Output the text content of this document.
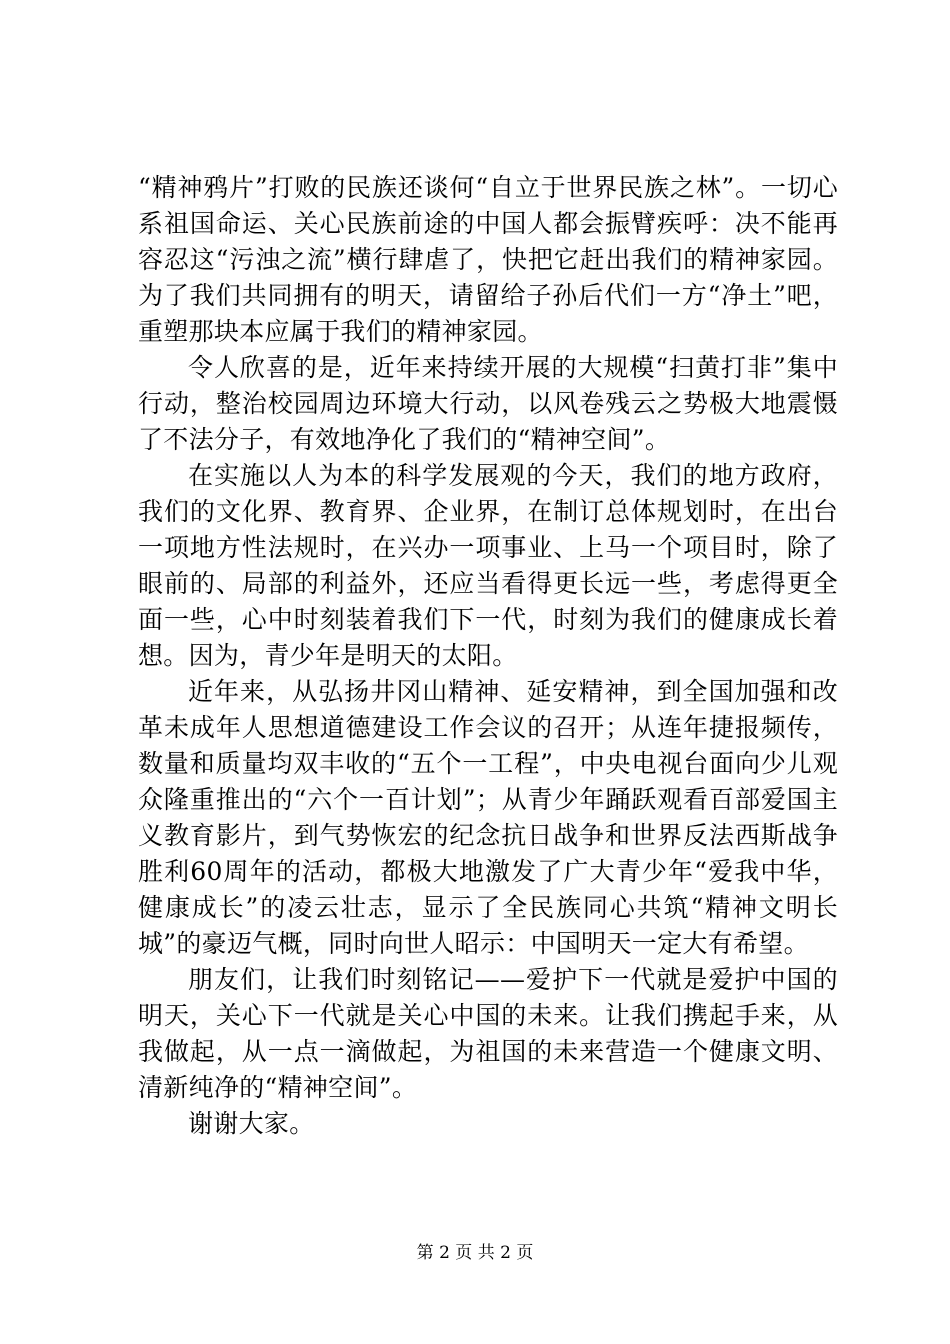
“精神鸦片”打败的民族还谈何“自立于世界民族之林”。一切心系祖国命运、关心民族前途的中国人都会振臂疾呼：决不能再容忍这“污浊之流”横行肆虐了，快把它赶出我们的精神家园。为了我们共同拥有的明天，请留给子孙后代们一方“净土”吧，重塑那块本应属于我们的精神家园。

令人欣喜的是，近年来持续开展的大规模“扫黄打非”集中行动，整治校园周边环境大行动，以风卷残云之势极大地震慑了不法分子，有效地净化了我们的“精神空间”。

在实施以人为本的科学发展观的今天，我们的地方政府，我们的文化界、教育界、企业界，在制订总体规划时，在出台一项地方性法规时，在兴办一项事业、上马一个项目时，除了眼前的、局部的利益外，还应当看得更长远一些，考虑得更全面一些，心中时刻装着我们下一代，时刻为我们的健康成长着想。因为，青少年是明天的太阳。

近年来，从弘扬井冈山精神、延安精神，到全国加强和改革未成年人思想道德建设工作会议的召开；从连年捷报频传，数量和质量均双丰收的“五个一工程”，中央电视台面向少儿观众隆重推出的“六个一百计划”；从青少年踊跃观看百部爱国主义教育影片，到气势恢宏的纪念抗日战争和世界反法西斯战争胜利60周年的活动，都极大地激发了广大青少年“爱我中华，健康成长”的凌云壮志，显示了全民族同心共筑“精神文明长城”的豪迈气概，同时向世人昭示：中国明天一定大有希望。

朋友们，让我们时刻铭记——爱护下一代就是爱护中国的明天，关心下一代就是关心中国的未来。让我们携起手来，从我做起，从一点一滴做起，为祖国的未来营造一个健康文明、清新纯净的“精神空间”。

谢谢大家。

第 2 页 共 2 页
